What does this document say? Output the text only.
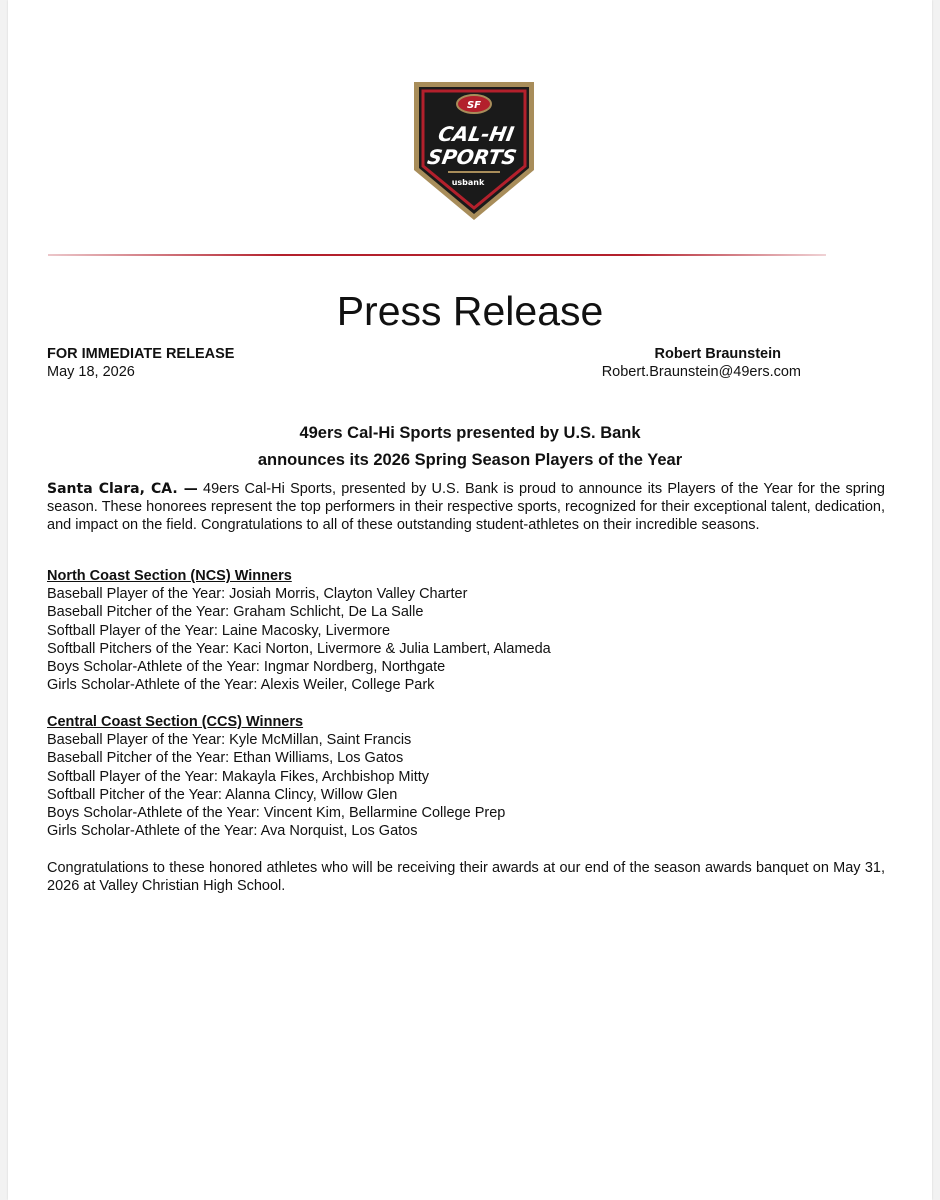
SF
CAL-HI
SPORTS
usbank
Press Release
FOR IMMEDIATE RELEASE
May 18, 2026
Robert Braunstein
Robert.Braunstein@49ers.com
49ers Cal-Hi Sports presented by U.S. Bank
announces its 2026 Spring Season Players of the Year
Santa Clara, CA. — 49ers Cal-Hi Sports, presented by U.S. Bank is proud to announce its Players of the Year for the spring season. These honorees represent the top performers in their respective sports, recognized for their exceptional talent, dedication, and impact on the field. Congratulations to all of these outstanding student-athletes on their incredible seasons.
North Coast Section (NCS) Winners
Baseball Player of the Year: Josiah Morris, Clayton Valley Charter
Baseball Pitcher of the Year: Graham Schlicht, De La Salle
Softball Player of the Year: Laine Macosky, Livermore
Softball Pitchers of the Year: Kaci Norton, Livermore & Julia Lambert, Alameda
Boys Scholar-Athlete of the Year: Ingmar Nordberg, Northgate
Girls Scholar-Athlete of the Year: Alexis Weiler, College Park
Central Coast Section (CCS) Winners
Baseball Player of the Year: Kyle McMillan, Saint Francis
Baseball Pitcher of the Year: Ethan Williams, Los Gatos
Softball Player of the Year: Makayla Fikes, Archbishop Mitty
Softball Pitcher of the Year: Alanna Clincy, Willow Glen
Boys Scholar-Athlete of the Year: Vincent Kim, Bellarmine College Prep
Girls Scholar-Athlete of the Year: Ava Norquist, Los Gatos
Congratulations to these honored athletes who will be receiving their awards at our end of the season awards banquet on May 31, 2026 at Valley Christian High School.
